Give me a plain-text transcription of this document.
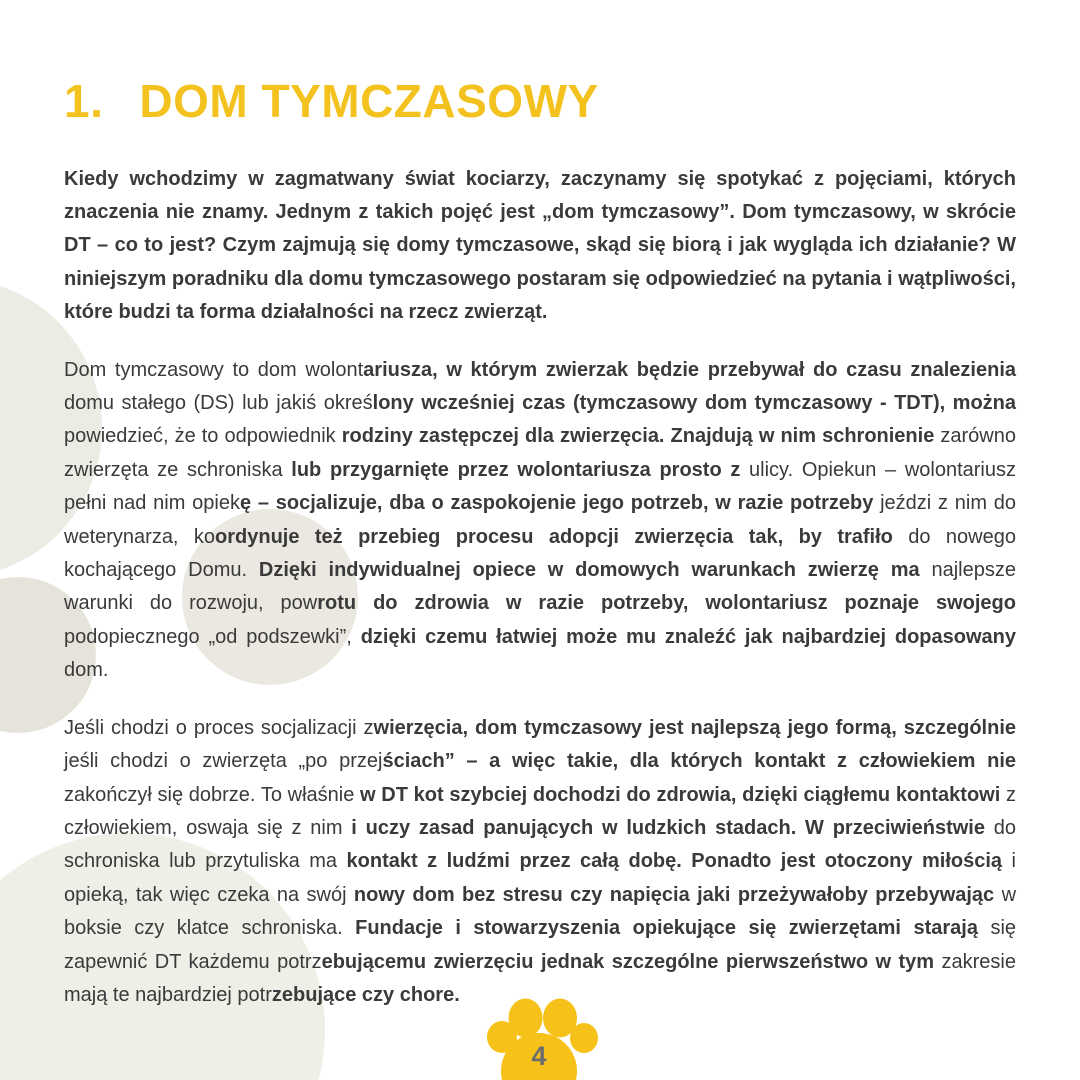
1. DOM TYMCZASOWY

Kiedy wchodzimy w zagmatwany świat kociarzy, zaczynamy się spotykać z pojęciami, których znaczenia nie znamy. Jednym z takich pojęć jest „dom tymczasowy”. Dom tymczasowy, w skrócie DT – co to jest? Czym zajmują się domy tymczasowe, skąd się biorą i jak wygląda ich działanie? W niniejszym poradniku dla domu tymczasowego postaram się odpowiedzieć na pytania i wątpliwości, które budzi ta forma działalności na rzecz zwierząt.

Dom tymczasowy to dom wolontariusza, w którym zwierzak będzie przebywał do czasu znalezienia domu stałego (DS) lub jakiś określony wcześniej czas (tymczasowy dom tymczasowy - TDT), można powiedzieć, że to odpowiednik rodziny zastępczej dla zwierzęcia. Znajdują w nim schronienie zarówno zwierzęta ze schroniska lub przygarnięte przez wolontariusza prosto z ulicy. Opiekun – wolontariusz pełni nad nim opiekę – socjalizuje, dba o zaspokojenie jego potrzeb, w razie potrzeby jeździ z nim do weterynarza, koordynuje też przebieg procesu adopcji zwierzęcia tak, by trafiło do nowego kochającego Domu. Dzięki indywidualnej opiece w domowych warunkach zwierzę ma najlepsze warunki do rozwoju, powrotu do zdrowia w razie potrzeby, wolontariusz poznaje swojego podopiecznego „od podszewki”, dzięki czemu łatwiej może mu znaleźć jak najbardziej dopasowany dom.

Jeśli chodzi o proces socjalizacji zwierzęcia, dom tymczasowy jest najlepszą jego formą, szczególnie jeśli chodzi o zwierzęta „po przejściach” – a więc takie, dla których kontakt z człowiekiem nie zakończył się dobrze. To właśnie w DT kot szybciej dochodzi do zdrowia, dzięki ciągłemu kontaktowi z człowiekiem, oswaja się z nim i uczy zasad panujących w ludzkich stadach. W przeciwieństwie do schroniska lub przytuliska ma kontakt z ludźmi przez całą dobę. Ponadto jest otoczony miłością i opieką, tak więc czeka na swój nowy dom bez stresu czy napięcia jaki przeżywałoby przebywając w boksie czy klatce schroniska. Fundacje i stowarzyszenia opiekujące się zwierzętami starają się zapewnić DT każdemu potrzebującemu zwierzęciu jednak szczególne pierwszeństwo w tym zakresie mają te najbardziej potrzebujące czy chore.

4
